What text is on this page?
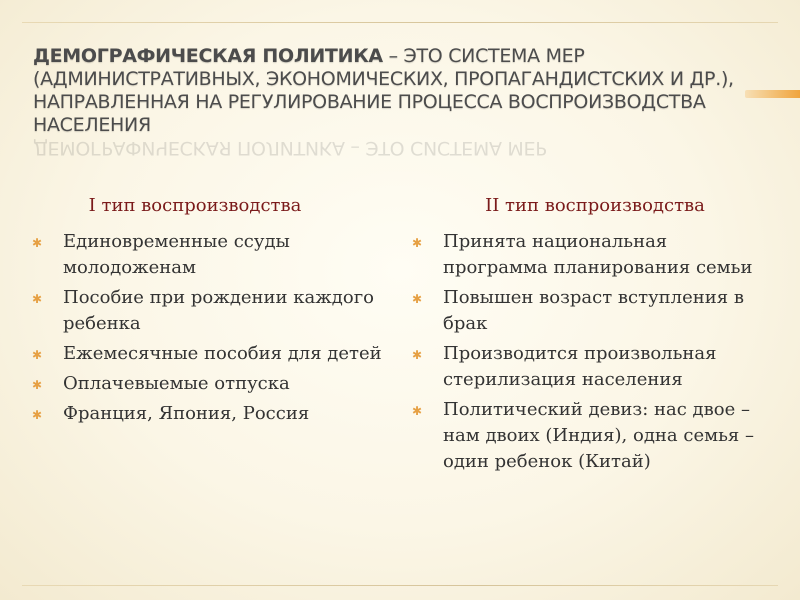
ДЕМОГРАФИЧЕСКАЯ ПОЛИТИКА – ЭТО СИСТЕМА МЕР (АДМИНИСТРАТИВНЫХ, ЭКОНОМИЧЕСКИХ, ПРОПАГАНДИСТСКИХ И ДР.), НАПРАВЛЕННАЯ НА РЕГУЛИРОВАНИЕ ПРОЦЕССА ВОСПРОИЗВОДСТВА НАСЕЛЕНИЯ
ДЕМОГРАФИЧЕСКАЯ ПОЛИТИКА – ЭТО СИСТЕМА МЕР
I тип воспроизводства
✱ Единовременные ссуды молодоженам
✱ Пособие при рождении каждого ребенка
✱ Ежемесячные пособия для детей
✱ Оплачевыемые отпуска
✱ Франция, Япония, Россия
II тип воспроизводства
✱ Принята национальная программа планирования семьи
✱ Повышен возраст вступления в брак
✱ Производится произвольная стерилизация населения
✱ Политический девиз: нас двое – нам двоих (Индия), одна семья – один ребенок (Китай)
